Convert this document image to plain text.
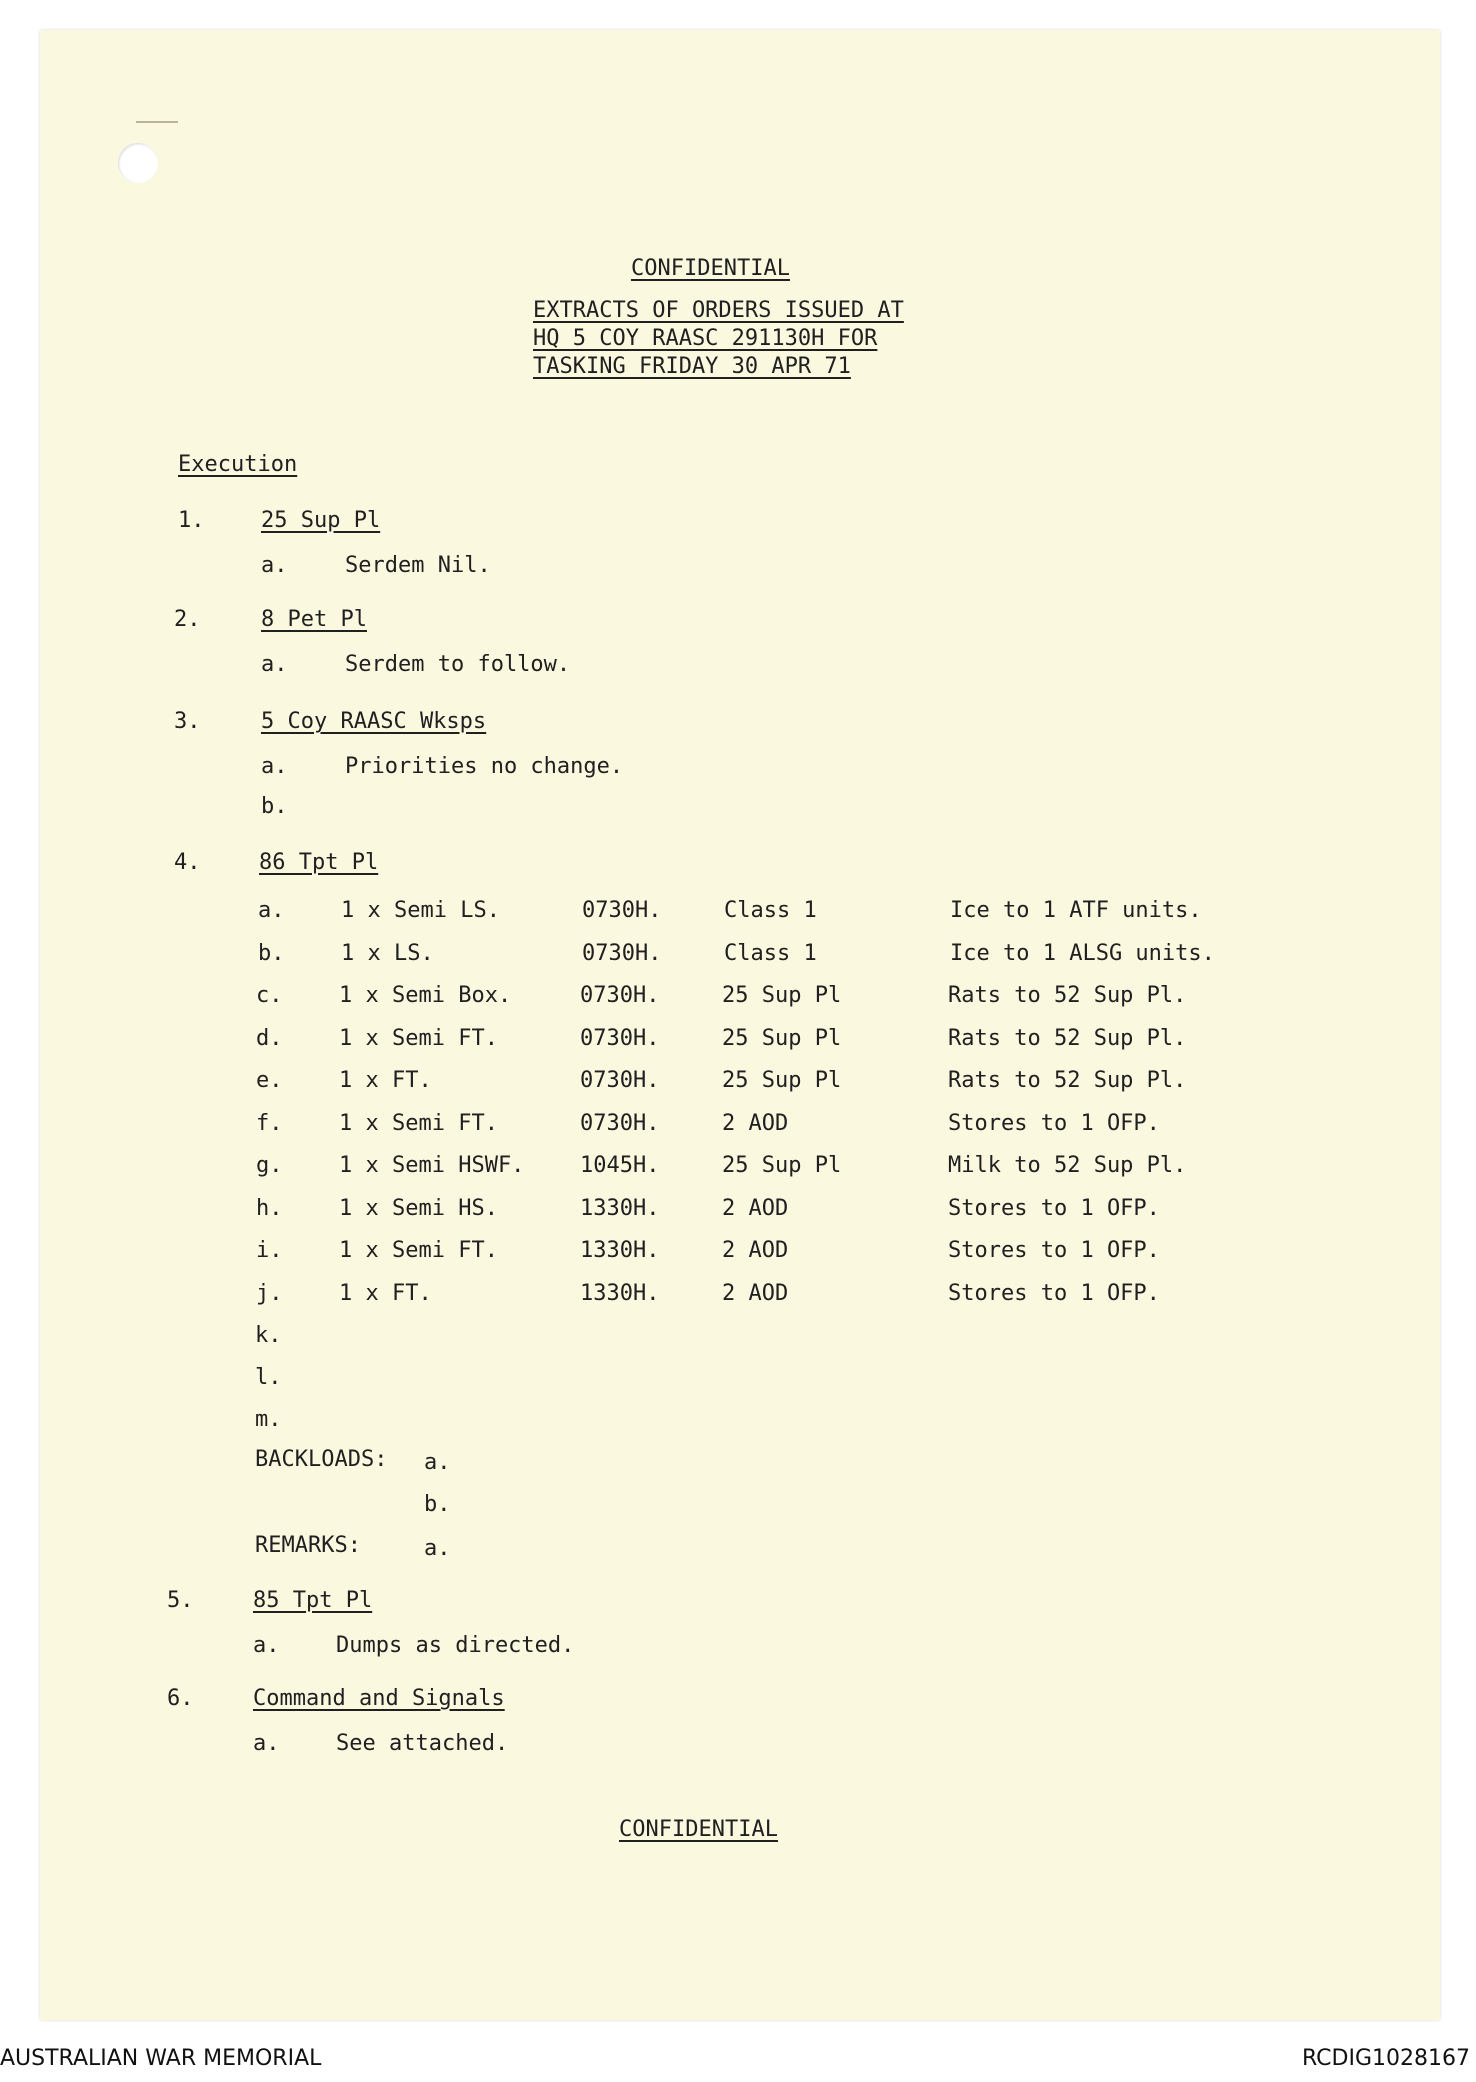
CONFIDENTIAL
EXTRACTS OF ORDERS ISSUED AT
HQ 5 COY RAASC 291130H FOR
TASKING FRIDAY 30 APR 71
Execution
1.	25 Sup Pl
a.	Serdem Nil.
2.	8 Pet Pl
a.	Serdem to follow.
3.	5 Coy RAASC Wksps
a.	Priorities no change.
b.
4.	86 Tpt Pl
k.
l.
m.
BACKLOADS: a.
b.
REMARKS:	a.
5.	85 Tpt Pl
a.	Dumps as directed.
6.	Command and Signals
a.	See attached.
CONFIDENTIAL
AUSTRALIAN WAR MEMORIAL	RCDIG1028167
a.	1 x Semi LS.	0730H.	Class 1	Ice to 1 ATF units.
b.	1 x LS.	0730H.	Class 1	Ice to 1 ALSG units.
c.	1 x Semi Box.	0730H.	25 Sup Pl	Rats to 52 Sup Pl.
d.	1 x Semi FT.	0730H.	25 Sup Pl	Rats to 52 Sup Pl.
e.	1 x FT.	0730H.	25 Sup Pl	Rats to 52 Sup Pl.
f.	1 x Semi FT.	0730H.	2 AOD	Stores to 1 OFP.
g.	1 x Semi HSWF.	1045H.	25 Sup Pl	Milk to 52 Sup Pl.
h.	1 x Semi HS.	1330H.	2 AOD	Stores to 1 OFP.
i.	1 x Semi FT.	1330H.	2 AOD	Stores to 1 OFP.
j.	1 x FT.	1330H.	2 AOD	Stores to 1 OFP.
